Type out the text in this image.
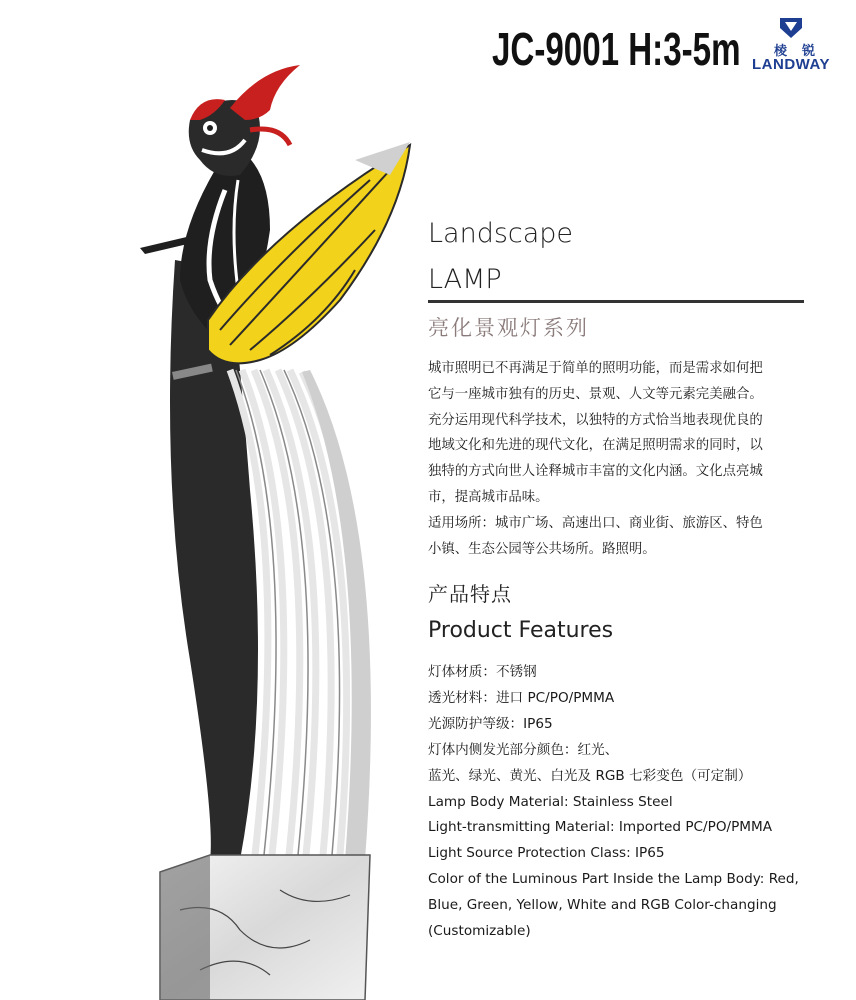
JC-9001 H:3-5m	棱 锐
LANDWAY
Landscape
LAMP
亮化景观灯系列
城市照明已不再满足于简单的照明功能，而是需求如何把
它与一座城市独有的历史、景观、人文等元素完美融合。
充分运用现代科学技术，以独特的方式恰当地表现优良的
地域文化和先进的现代文化，在满足照明需求的同时，以
独特的方式向世人诠释城市丰富的文化内涵。文化点亮城
市，提高城市品味。
适用场所：城市广场、高速出口、商业街、旅游区、特色
小镇、生态公园等公共场所。路照明。
产品特点
Product Features
灯体材质：不锈钢
透光材料：进口 PC/PO/PMMA
光源防护等级：IP65
灯体内侧发光部分颜色：红光、
蓝光、绿光、黄光、白光及 RGB 七彩变色（可定制）
Lamp Body Material: Stainless Steel
Light-transmitting Material: Imported PC/PO/PMMA
Light Source Protection Class: IP65
Color of the Luminous Part Inside the Lamp Body: Red,
Blue, Green, Yellow, White and RGB Color-changing
(Customizable)
